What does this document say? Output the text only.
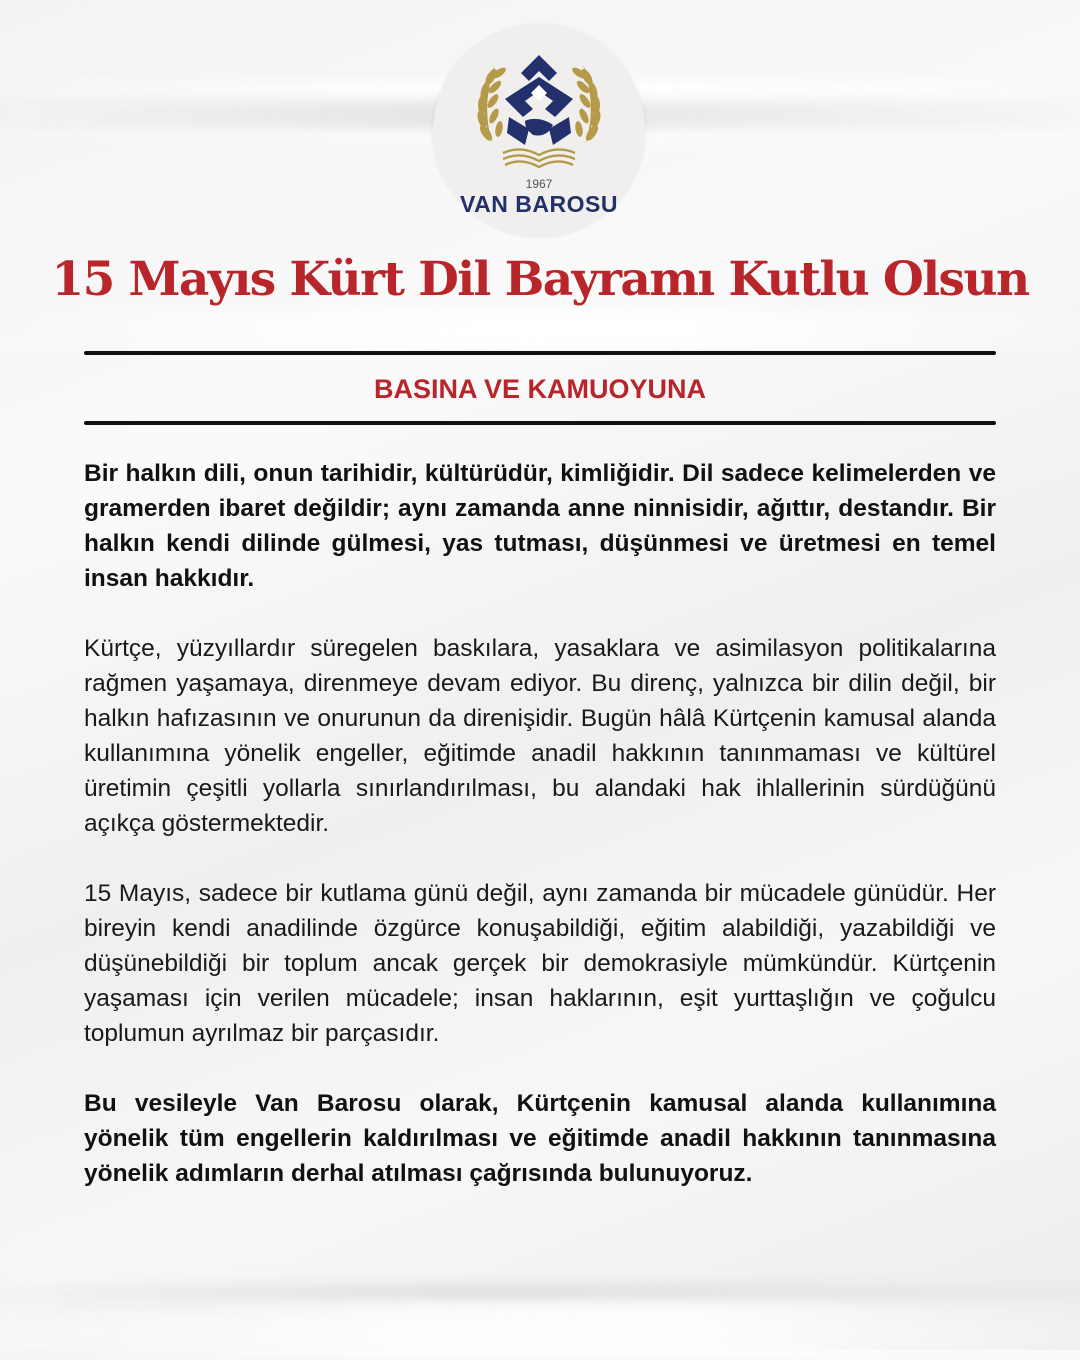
1967
VAN BAROSU
15 Mayıs Kürt Dil Bayramı Kutlu Olsun
BASINA VE KAMUOYUNA

Bir halkın dili, onun tarihidir, kültürüdür, kimliğidir. Dil sadece kelimelerden ve gramerden ibaret değildir; aynı zamanda anne ninnisidir, ağıttır, destandır. Bir halkın kendi dilinde gülmesi, yas tutması, düşünmesi ve üretmesi en temel insan hakkıdır.

Kürtçe, yüzyıllardır süregelen baskılara, yasaklara ve asimilasyon politikalarına rağmen yaşamaya, direnmeye devam ediyor. Bu direnç, yalnızca bir dilin değil, bir halkın hafızasının ve onurunun da direnişidir. Bugün hâlâ Kürtçenin kamusal alanda kullanımına yönelik engeller, eğitimde anadil hakkının tanınmaması ve kültürel üretimin çeşitli yollarla sınırlandırılması, bu alandaki hak ihlallerinin sürdüğünü açıkça göstermektedir.

15 Mayıs, sadece bir kutlama günü değil, aynı zamanda bir mücadele günüdür. Her bireyin kendi anadilinde özgürce konuşabildiği, eğitim alabildiği, yazabildiği ve düşünebildiği bir toplum ancak gerçek bir demokrasiyle mümkündür. Kürtçenin yaşaması için verilen mücadele; insan haklarının, eşit yurttaşlığın ve çoğulcu toplumun ayrılmaz bir parçasıdır.

Bu vesileyle Van Barosu olarak, Kürtçenin kamusal alanda kullanımına yönelik tüm engellerin kaldırılması ve eğitimde anadil hakkının tanınmasına yönelik adımların derhal atılması çağrısında bulunuyoruz.
